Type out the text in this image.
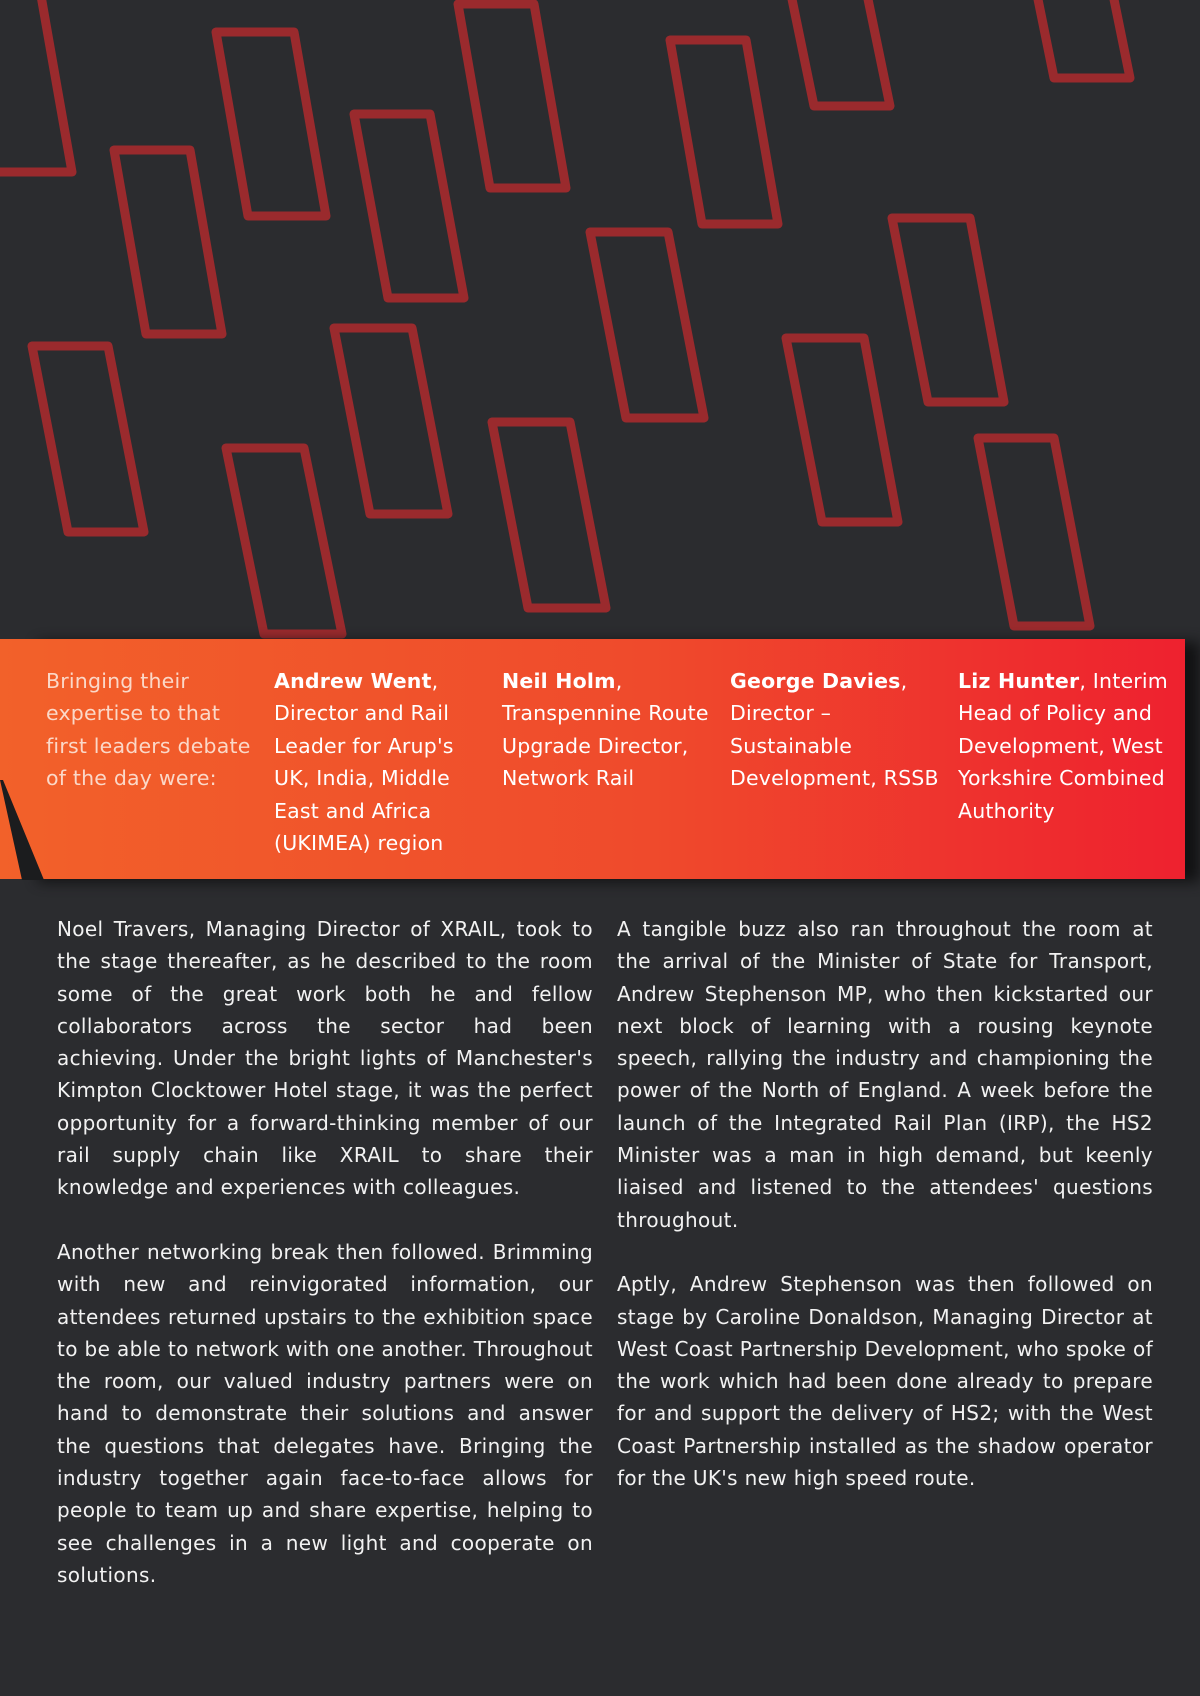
Bringing their expertise to that first leaders debate of the day were:
Andrew Went, Director and Rail Leader for Arup's UK, India, Middle East and Africa (UKIMEA) region
Neil Holm, Transpennine Route Upgrade Director, Network Rail
George Davies, Director – Sustainable Development, RSSB
Liz Hunter, Interim Head of Policy and Development, West Yorkshire Combined Authority

Noel Travers, Managing Director of XRAIL, took to the stage thereafter, as he described to the room some of the great work both he and fellow collaborators across the sector had been achieving. Under the bright lights of Manchester's Kimpton Clocktower Hotel stage, it was the perfect opportunity for a forward-thinking member of our rail supply chain like XRAIL to share their knowledge and experiences with colleagues.

Another networking break then followed. Brimming with new and reinvigorated information, our attendees returned upstairs to the exhibition space to be able to network with one another. Throughout the room, our valued industry partners were on hand to demonstrate their solutions and answer the questions that delegates have. Bringing the industry together again face-to-face allows for people to team up and share expertise, helping to see challenges in a new light and cooperate on solutions.

A tangible buzz also ran throughout the room at the arrival of the Minister of State for Transport, Andrew Stephenson MP, who then kickstarted our next block of learning with a rousing keynote speech, rallying the industry and championing the power of the North of England. A week before the launch of the Integrated Rail Plan (IRP), the HS2 Minister was a man in high demand, but keenly liaised and listened to the attendees' questions throughout.

Aptly, Andrew Stephenson was then followed on stage by Caroline Donaldson, Managing Director at West Coast Partnership Development, who spoke of the work which had been done already to prepare for and support the delivery of HS2; with the West Coast Partnership installed as the shadow operator for the UK's new high speed route.
